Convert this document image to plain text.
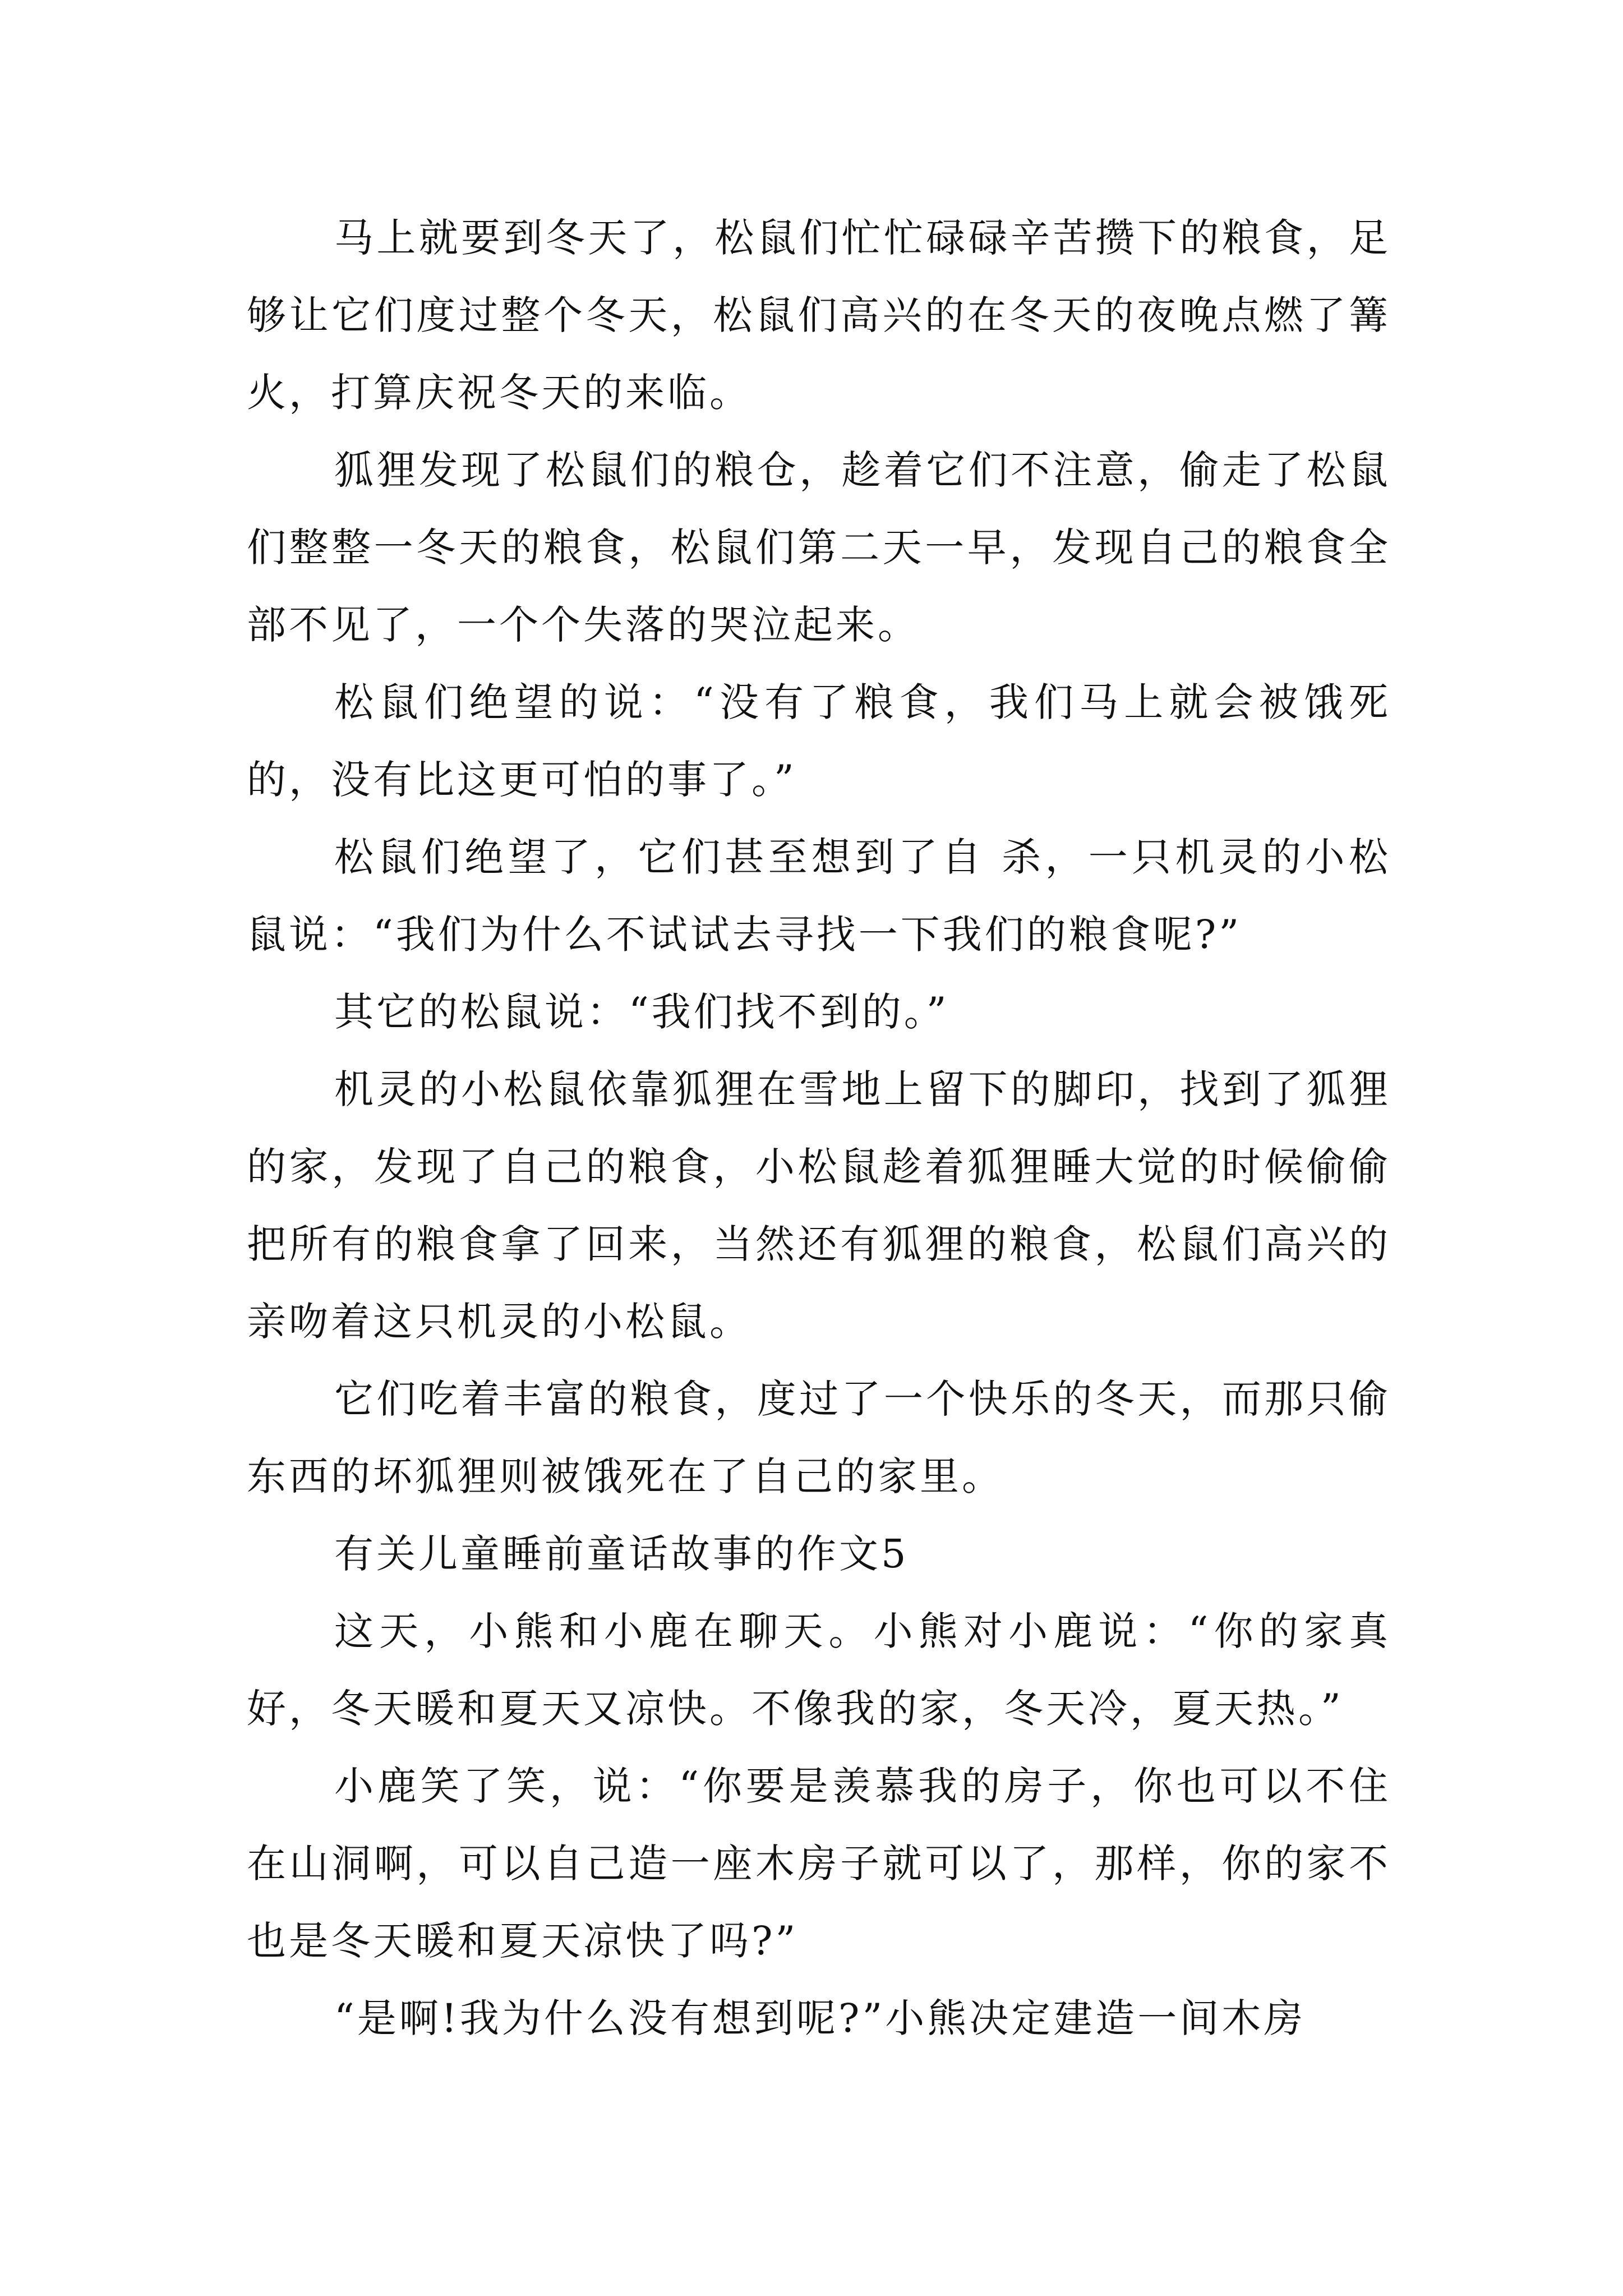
马上就要到冬天了，松鼠们忙忙碌碌辛苦攒下的粮食，足够让它们度过整个冬天，松鼠们高兴的在冬天的夜晚点燃了篝火，打算庆祝冬天的来临。

狐狸发现了松鼠们的粮仓，趁着它们不注意，偷走了松鼠们整整一冬天的粮食，松鼠们第二天一早，发现自己的粮食全部不见了，一个个失落的哭泣起来。

松鼠们绝望的说：“没有了粮食，我们马上就会被饿死的，没有比这更可怕的事了。”

松鼠们绝望了，它们甚至想到了自 杀，一只机灵的小松鼠说：“我们为什么不试试去寻找一下我们的粮食呢?”

其它的松鼠说：“我们找不到的。”

机灵的小松鼠依靠狐狸在雪地上留下的脚印，找到了狐狸的家，发现了自己的粮食，小松鼠趁着狐狸睡大觉的时候偷偷把所有的粮食拿了回来，当然还有狐狸的粮食，松鼠们高兴的亲吻着这只机灵的小松鼠。

它们吃着丰富的粮食，度过了一个快乐的冬天，而那只偷东西的坏狐狸则被饿死在了自己的家里。

有关儿童睡前童话故事的作文5

这天，小熊和小鹿在聊天。小熊对小鹿说：“你的家真好，冬天暖和夏天又凉快。不像我的家，冬天冷，夏天热。”

小鹿笑了笑，说：“你要是羡慕我的房子，你也可以不住在山洞啊，可以自己造一座木房子就可以了，那样，你的家不也是冬天暖和夏天凉快了吗?”

“是啊!我为什么没有想到呢?”小熊决定建造一间木房
